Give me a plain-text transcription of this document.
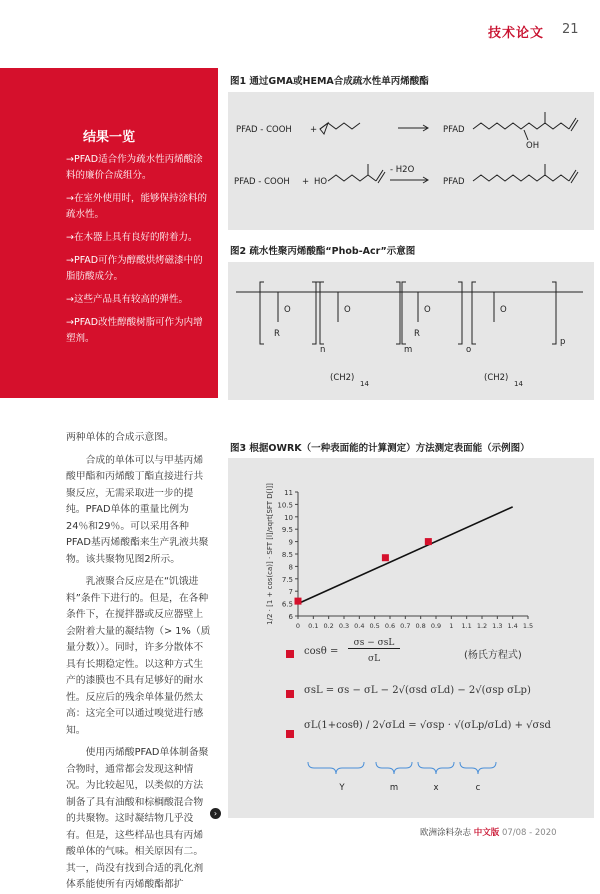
技术论文 21
结果一览
→PFAD适合作为疏水性丙烯酸涂料的廉价合成组分。
→在室外使用时，能够保持涂料的疏水性。
→在木器上具有良好的附着力。
→PFAD可作为醇酸烘烤磁漆中的脂肪酸成分。
→这些产品具有较高的弹性。
→PFAD改性醇酸树脂可作为内增塑剂。

两种单体的合成示意图。

合成的单体可以与甲基丙烯酸甲酯和丙烯酸丁酯直接进行共聚反应，无需采取进一步的提纯。PFAD单体的重量比例为24％和29％。可以采用各种PFAD基丙烯酸酯来生产乳液共聚物。该共聚物见图2所示。

乳液聚合反应是在“饥饿进料”条件下进行的。但是，在各种条件下，在搅拌器或反应器壁上会附着大量的凝结物（> 1%（质量分数））。同时，许多分散体不具有长期稳定性。以这种方式生产的漆膜也不具有足够好的耐水性。反应后的残余单体量仍然太高：这完全可以通过嗅觉进行感知。

使用丙烯酸PFAD单体制备聚合物时，通常都会发现这种情况。为比较起见，以类似的方法制备了具有油酸和棕榈酸混合物的共聚物。这时凝结物几乎没有。但是，这些样品也具有丙烯酸单体的气味。相关原因有二。其一，尚没有找到合适的乳化剂体系能使所有丙烯酸酯都扩

›
图1 通过GMA或HEMA合成疏水性单丙烯酸酯
PFAD - COOH +	PFAD
OH
PFAD - COOH + HO
- H2O
PFAD
图2 疏水性聚丙烯酸酯“Phob-Acr”示意图
O
R
n
O
m
O
R
o
O
p
(CH2)
14
(CH2)
14
图3 根据OWRK（一种表面能的计算测定）方法测定表面能（示例图）
6
6.5
7
7.5
8
8.5
9
9.5
10
10.5
11
0 0.1 0.2 0.3 0.4 0.5 0.6 0.7 0.8 0.9 1 1.1 1.2 1.3 1.4 1.5
1/2 · [1 + cos(ca)] · SFT [l]/sqrt[SFT D[l]]
cosθ =
σs − σsL
σL	(杨氏方程式)
σsL = σs − σL − 2√(σsd σLd) − 2√(σsp σLp)
σL(1+cosθ) / 2√σLd = √σsp · √(σLp/σLd) + √σsd
Y	m	x	c
欧洲涂料杂志 中文版 07/08 - 2020
